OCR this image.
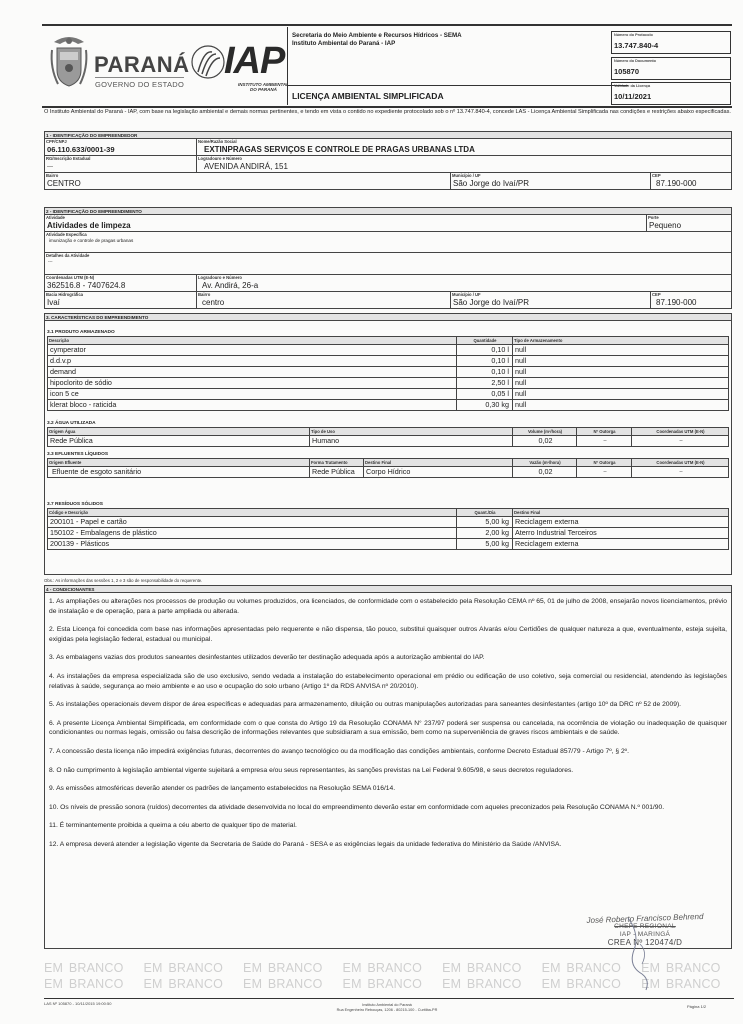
PARANÁ
GOVERNO DO ESTADO
IAP
INSTITUTO AMBIENTAL
DO PARANÁ
Secretaria do Meio Ambiente e Recursos Hídricos - SEMA
Instituto Ambiental do Paraná - IAP
LICENÇA AMBIENTAL SIMPLIFICADA
Número do Protocolo
13.747.840-4
Número do Documento
105870
Validade da Licença
10/11/2021
O Instituto Ambiental do Paraná - IAP, com base na legislação ambiental e demais normas pertinentes, e tendo em vista o contido no expediente protocolado sob o nº 13.747.840-4, concede LAS - Licença Ambiental Simplificada nas condições e restrições abaixo especificadas.
1 - IDENTIFICAÇÃO DO EMPREENDEDOR
CPF/CNPJ
06.110.633/0001-39
Nome/Razão Social
EXTINPRAGAS SERVIÇOS E CONTROLE DE PRAGAS URBANAS LTDA
RG/Inscrição Estadual
---
Logradouro e Número
AVENIDA ANDIRÁ, 151
Bairro
CENTRO
Município / UF
São Jorge do Ivaí/PR
CEP
87.190-000
2 - IDENTIFICAÇÃO DO EMPREENDIMENTO
Atividade
Atividades de limpeza
Porte
Pequeno
Atividade Específica
imunização e controle de pragas urbanas
Detalhes da Atividade
---
Coordenadas UTM (E-N)
362516.8 - 7407624.8
Logradouro e Número
Av. Andirá, 26-a
Bacia Hidrográfica
Ivaí
Bairro
centro
Município / UF
São Jorge do Ivaí/PR
CEP
87.190-000
3. CARACTERÍSTICAS DO EMPREENDIMENTO
3.1 PRODUTO ARMAZENADO
Descrição	Quantidade	Tipo de Armazenamento
cymperator	0,10 l null
d.d.v.p	0,10 l null
demand	0,10 l null
hipoclorito de sódio	2,50 l null
icon 5 ce	0,05 l null
klerat bloco - raticida	0,30 kg null
3.2 ÁGUA UTILIZADA
Origem Água	Tipo de Uso	Volume (m³/hora)	Nº Outorga	Coordenadas UTM (E-N)
Rede Pública	Humano	0,02	--	--
3.3 EFLUENTES LÍQUIDOS
Origem Efluente	Forma Tratamento	Destino Final	Vazão (m³/hora)	Nº Outorga	Coordenadas UTM (E-N)
Efluente de esgoto sanitário	Rede Pública	Corpo Hídrico	0,02	--	--
3.7 RESÍDUOS SÓLIDOS
Código e Descrição	Quant./Dia	Destino Final
200101 - Papel e cartão	5,00 kg Reciclagem externa
150102 - Embalagens de plástico	2,00 kg Aterro Industrial Terceiros
200139 - Plásticos	5,00 kg Reciclagem externa
Obs.: As informações das sessões 1, 2 e 3 são de responsabilidade do requerente.
4 - CONDICIONANTES
1. As ampliações ou alterações nos processos de produção ou volumes produzidos, ora licenciados, de conformidade com o estabelecido pela Resolução CEMA nº 65, 01 de julho de 2008, ensejarão novos licenciamentos, prévio de instalação e de operação, para a parte ampliada ou alterada.
2. Esta Licença foi concedida com base nas informações apresentadas pelo requerente e não dispensa, tão pouco, substitui quaisquer outros Alvarás e/ou Certidões de qualquer natureza a que, eventualmente, esteja sujeita, exigidas pela legislação federal, estadual ou municipal.
3. As embalagens vazias dos produtos saneantes desinfestantes utilizados deverão ter destinação adequada após a autorização ambiental do IAP.
4. As instalações da empresa especializada são de uso exclusivo, sendo vedada a instalação do estabelecimento operacional em prédio ou edificação de uso coletivo, seja comercial ou residencial, atendendo às legislações relativas à saúde, segurança ao meio ambiente e ao uso e ocupação do solo urbano (Artigo 1º da RDS ANVISA nº 20/2010).
5. As instalações operacionais devem dispor de área específicas e adequadas para armazenamento, diluição ou outras manipulações autorizadas para saneantes desinfestantes (artigo 10º da DRC nº 52 de 2009).
6. A presente Licença Ambiental Simplificada, em conformidade com o que consta do Artigo 19 da Resolução CONAMA N° 237/97 poderá ser suspensa ou cancelada, na ocorrência de violação ou inadequação de quaisquer condicionantes ou normas legais, omissão ou falsa descrição de informações relevantes que subsidiaram a sua emissão, bem como na superveniência de graves riscos ambientais e de saúde.
7. A concessão desta licença não impedirá exigências futuras, decorrentes do avanço tecnológico ou da modificação das condições ambientais, conforme Decreto Estadual 857/79 - Artigo 7º, § 2º.
8. O não cumprimento à legislação ambiental vigente sujeitará a empresa e/ou seus representantes, às sanções previstas na Lei Federal 9.605/98, e seus decretos reguladores.
9. As emissões atmosféricas deverão atender os padrões de lançamento estabelecidos na Resolução SEMA 016/14.
10. Os níveis de pressão sonora (ruídos) decorrentes da atividade desenvolvida no local do empreendimento deverão estar em conformidade com aqueles preconizados pela Resolução CONAMA N.º 001/90.
11. É terminantemente proibida a queima a céu aberto de qualquer tipo de material.
12. A empresa deverá atender a legislação vigente da Secretaria de Saúde do Paraná - SESA e as exigências legais da unidade federativa do Ministério da Saúde /ANVISA.
EM BRANCO EM BRANCO EM BRANCO EM BRANCO EM BRANCO EM BRANCO EM BRANCO
EM BRANCO EM BRANCO EM BRANCO EM BRANCO EM BRANCO EM BRANCO EM BRANCO
José Roberto Francisco Behrend
CHEFE REGIONAL
IAP - MARINGÁ
CREA Nº 120474/D
LAS Nº 105870 - 10/11/2015 19:00:50	Instituto Ambiental do Paraná
Rua Engenheiro Rebouças, 1206 - 80215-100 - Curitiba-PR
Página 1/2
